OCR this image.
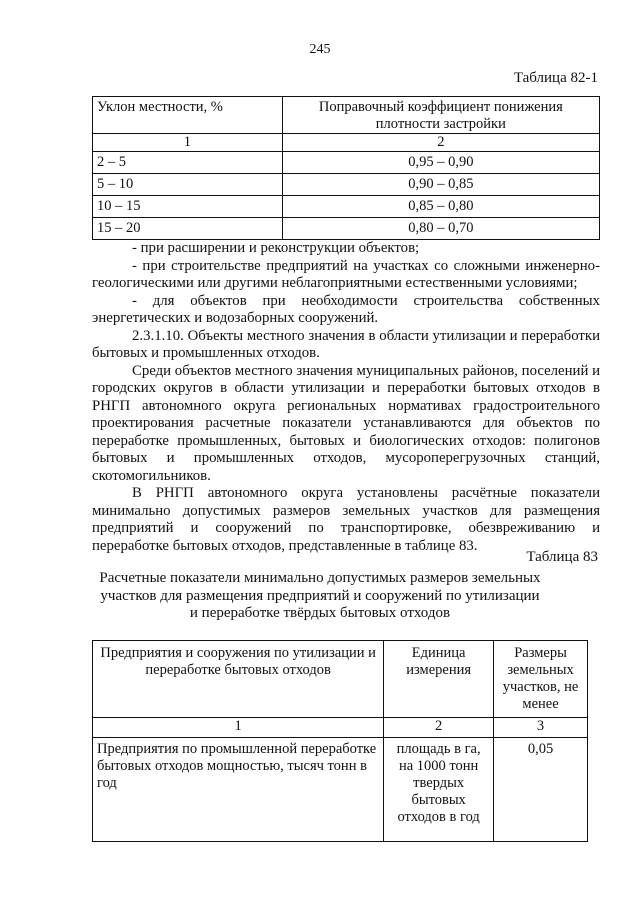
245
Таблица 82-1
Уклон местности, %	Поправочный коэффициент понижения плотности застройки
1	2
2 – 5	0,95 – 0,90
5 – 10	0,90 – 0,85
10 – 15	0,85 – 0,80
15 – 20	0,80 – 0,70
- при расширении и реконструкции объектов;
- при строительстве предприятий на участках со сложными инженерно-геологическими или другими неблагоприятными естественными условиями;
- для объектов при необходимости строительства собственных энергетических и водозаборных сооружений.
2.3.1.10. Объекты местного значения в области утилизации и переработки бытовых и промышленных отходов.
Среди объектов местного значения муниципальных районов, поселений и городских округов в области утилизации и переработки бытовых отходов в РНГП автономного округа региональных нормативах градостроительного проектирования расчетные показатели устанавливаются для объектов по переработке промышленных, бытовых и биологических отходов: полигонов бытовых и промышленных отходов, мусороперегрузочных станций, скотомогильников.
В РНГП автономного округа установлены расчётные показатели минимально допустимых размеров земельных участков для размещения предприятий и сооружений по транспортировке, обезвреживанию и переработке бытовых отходов, представленные в таблице 83.
Таблица 83
Расчетные показатели минимально допустимых размеров земельных участков для размещения предприятий и сооружений по утилизации и переработке твёрдых бытовых отходов
Предприятия и сооружения по утилизации и переработке бытовых отходов	Единица измерения	Размеры земельных участков, не менее
1	2	3
Предприятия по промышленной переработке бытовых отходов мощностью, тысяч тонн в год	площадь в га, на 1000 тонн твердых бытовых отходов в год	0,05
